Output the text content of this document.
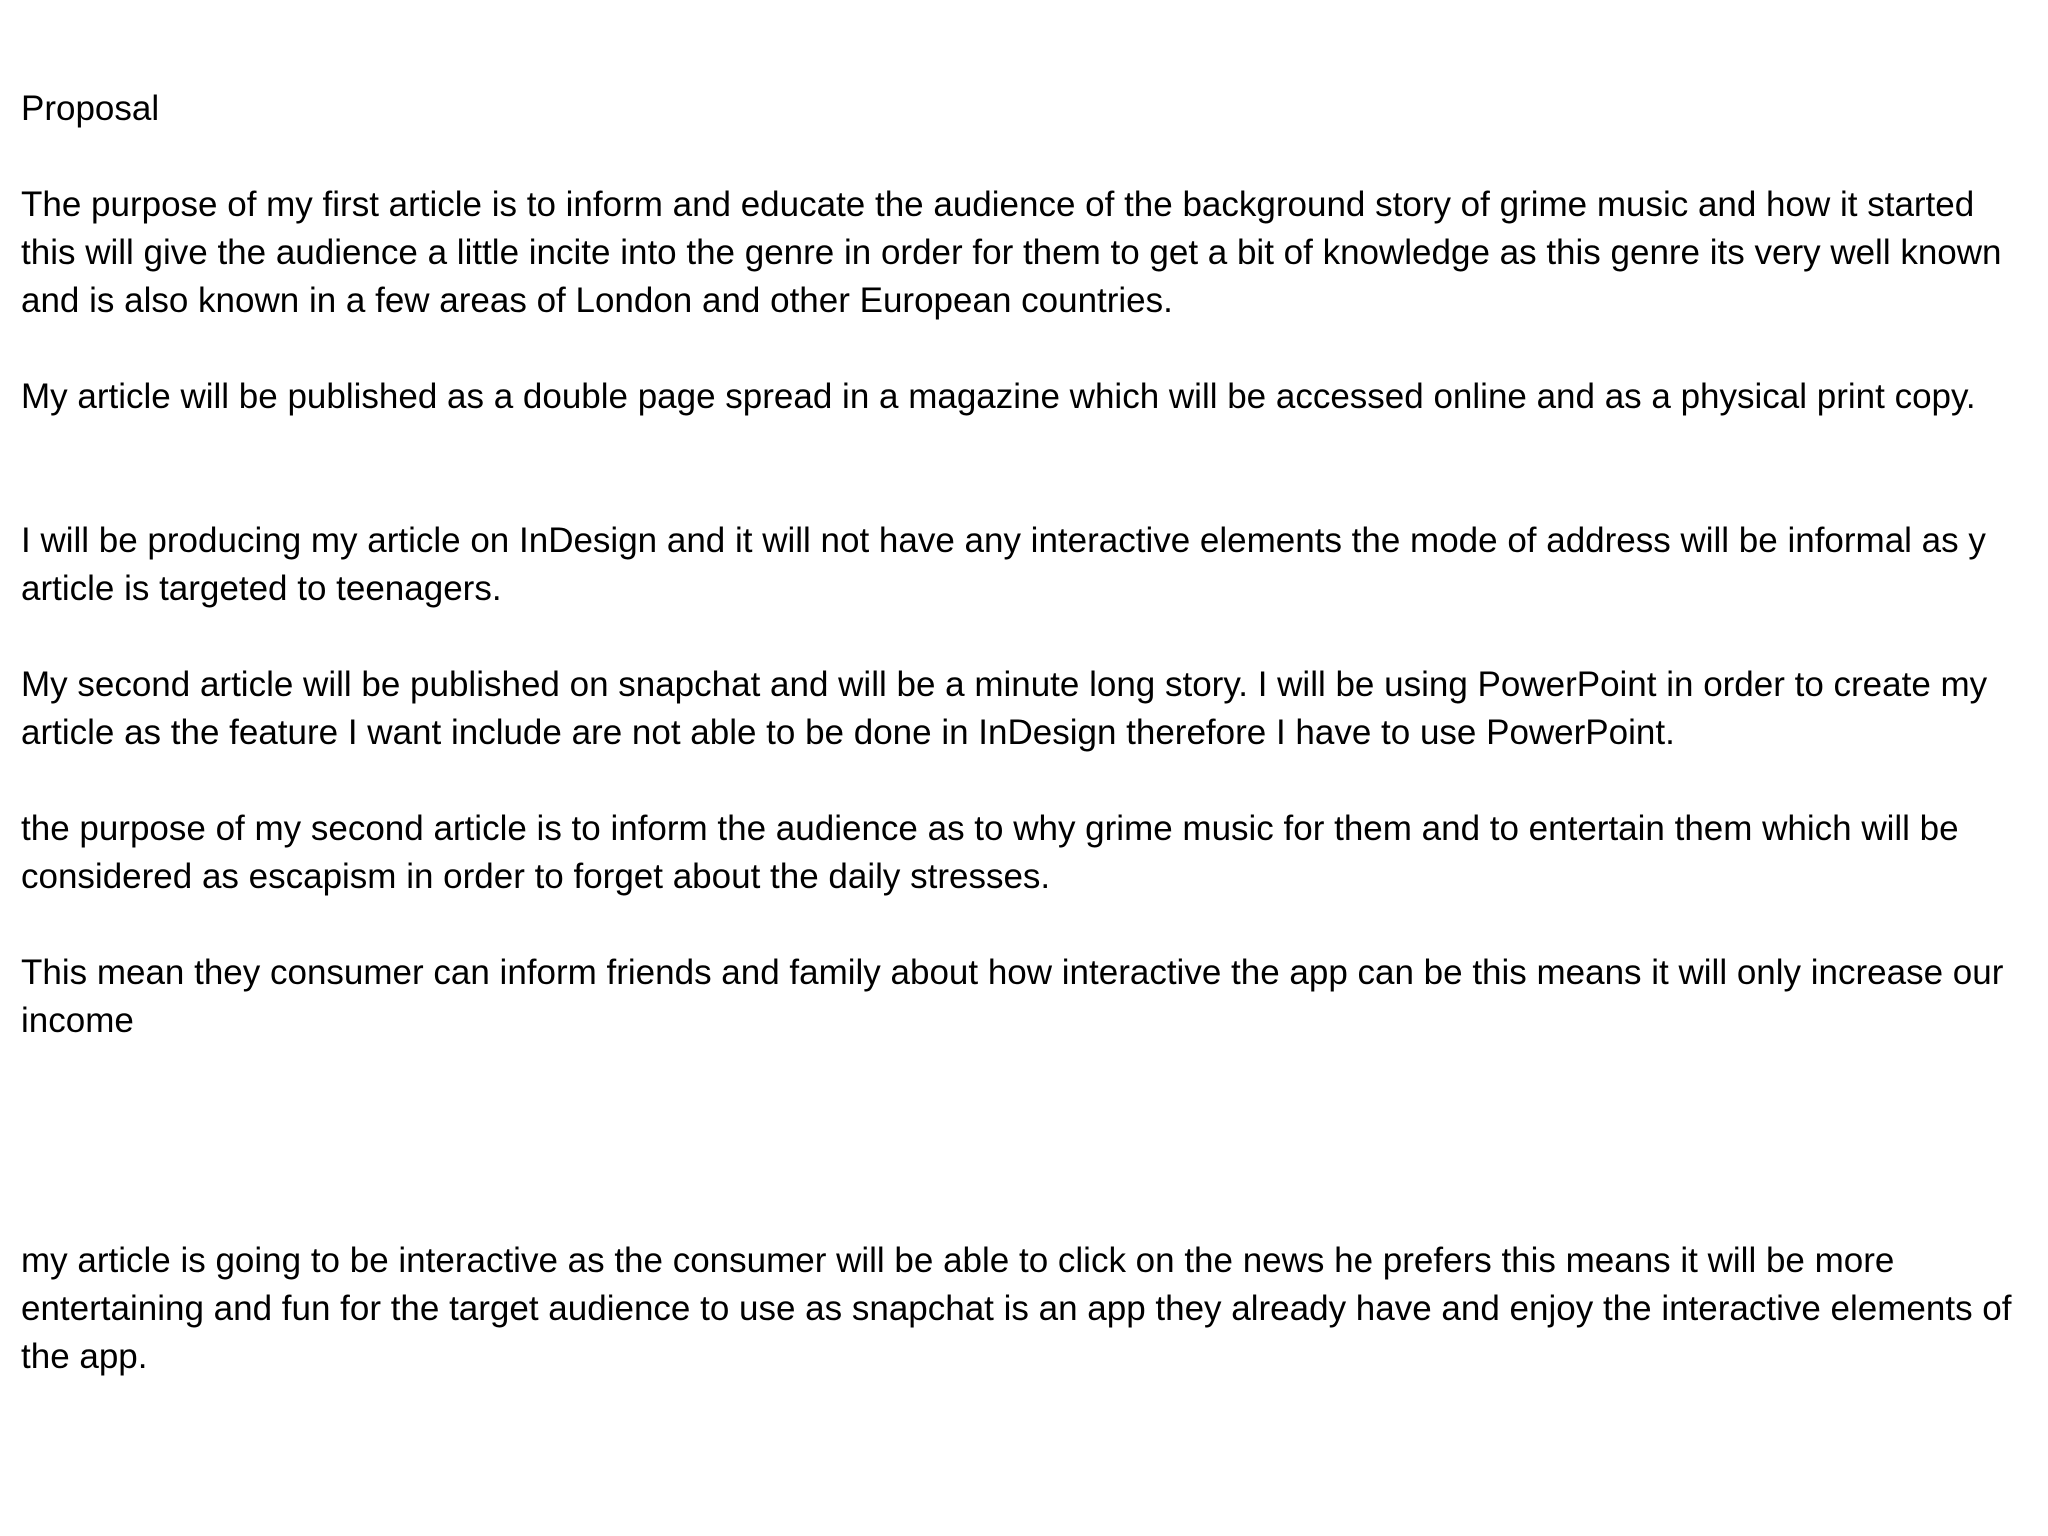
Proposal

The purpose of my first article is to inform and educate the audience of the background story of grime music and how it started this will give the audience a little incite into the genre in order for them to get a bit of knowledge as this genre its very well known and is also known in a few areas of London and other European countries.

My article will be published as a double page spread in a magazine which will be accessed online and as a physical print copy.

I will be producing my article on InDesign and it will not have any interactive elements the mode of address will be informal as y article is targeted to teenagers.

My second article will be published on snapchat and will be a minute long story. I will be using PowerPoint in order to create my article as the feature I want include are not able to be done in InDesign therefore I have to use PowerPoint.

the purpose of my second article is to inform the audience as to why grime music for them and to entertain them which will be considered as escapism in order to forget about the daily stresses.

This mean they consumer can inform friends and family about how interactive the app can be this means it will only increase our income

my article is going to be interactive as the consumer will be able to click on the news he prefers this means it will be more entertaining and fun for the target audience to use as snapchat is an app they already have and enjoy the interactive elements of the app.
